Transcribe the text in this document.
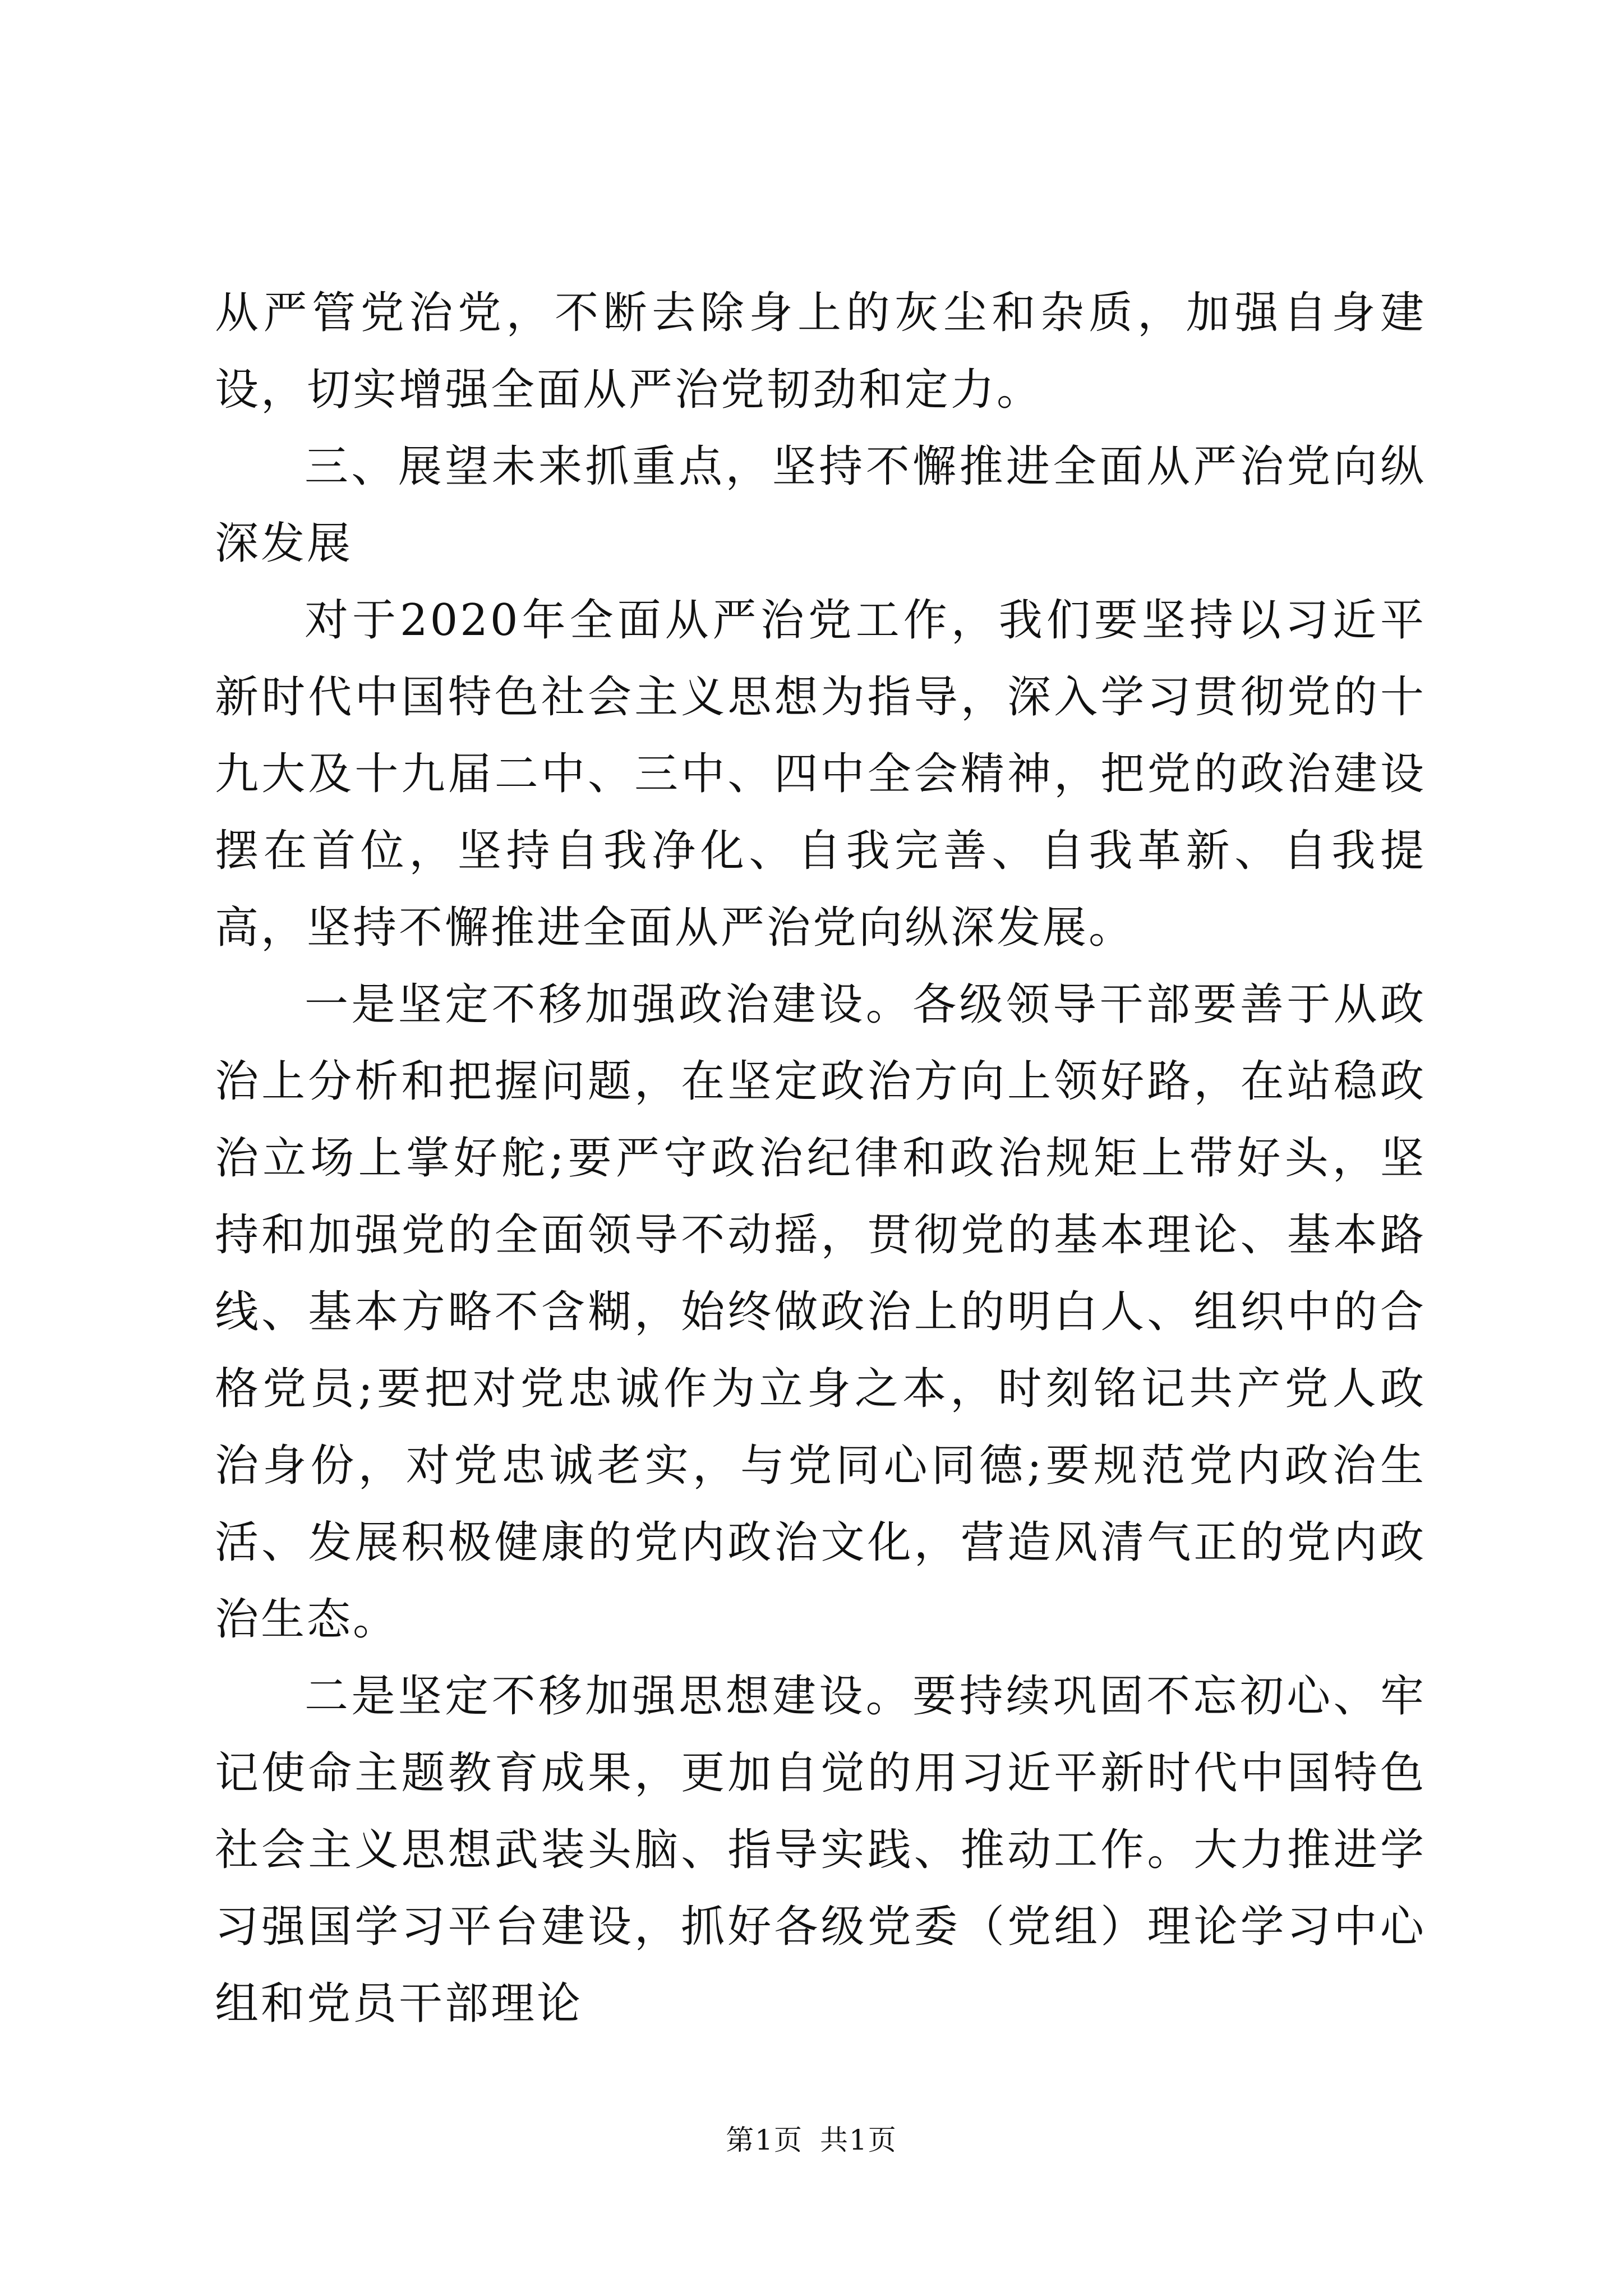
从严管党治党，不断去除身上的灰尘和杂质，加强自身建设，切实增强全面从严治党韧劲和定力。

三、展望未来抓重点，坚持不懈推进全面从严治党向纵深发展

对于2020年全面从严治党工作，我们要坚持以习近平新时代中国特色社会主义思想为指导，深入学习贯彻党的十九大及十九届二中、三中、四中全会精神，把党的政治建设摆在首位，坚持自我净化、自我完善、自我革新、自我提高，坚持不懈推进全面从严治党向纵深发展。

一是坚定不移加强政治建设。各级领导干部要善于从政治上分析和把握问题，在坚定政治方向上领好路，在站稳政治立场上掌好舵;要严守政治纪律和政治规矩上带好头，坚持和加强党的全面领导不动摇，贯彻党的基本理论、基本路线、基本方略不含糊，始终做政治上的明白人、组织中的合格党员;要把对党忠诚作为立身之本，时刻铭记共产党人政治身份，对党忠诚老实，与党同心同德;要规范党内政治生活、发展积极健康的党内政治文化，营造风清气正的党内政治生态。

二是坚定不移加强思想建设。要持续巩固不忘初心、牢记使命主题教育成果，更加自觉的用习近平新时代中国特色社会主义思想武装头脑、指导实践、推动工作。大力推进学习强国学习平台建设，抓好各级党委（党组）理论学习中心组和党员干部理论

第1页 共1页
